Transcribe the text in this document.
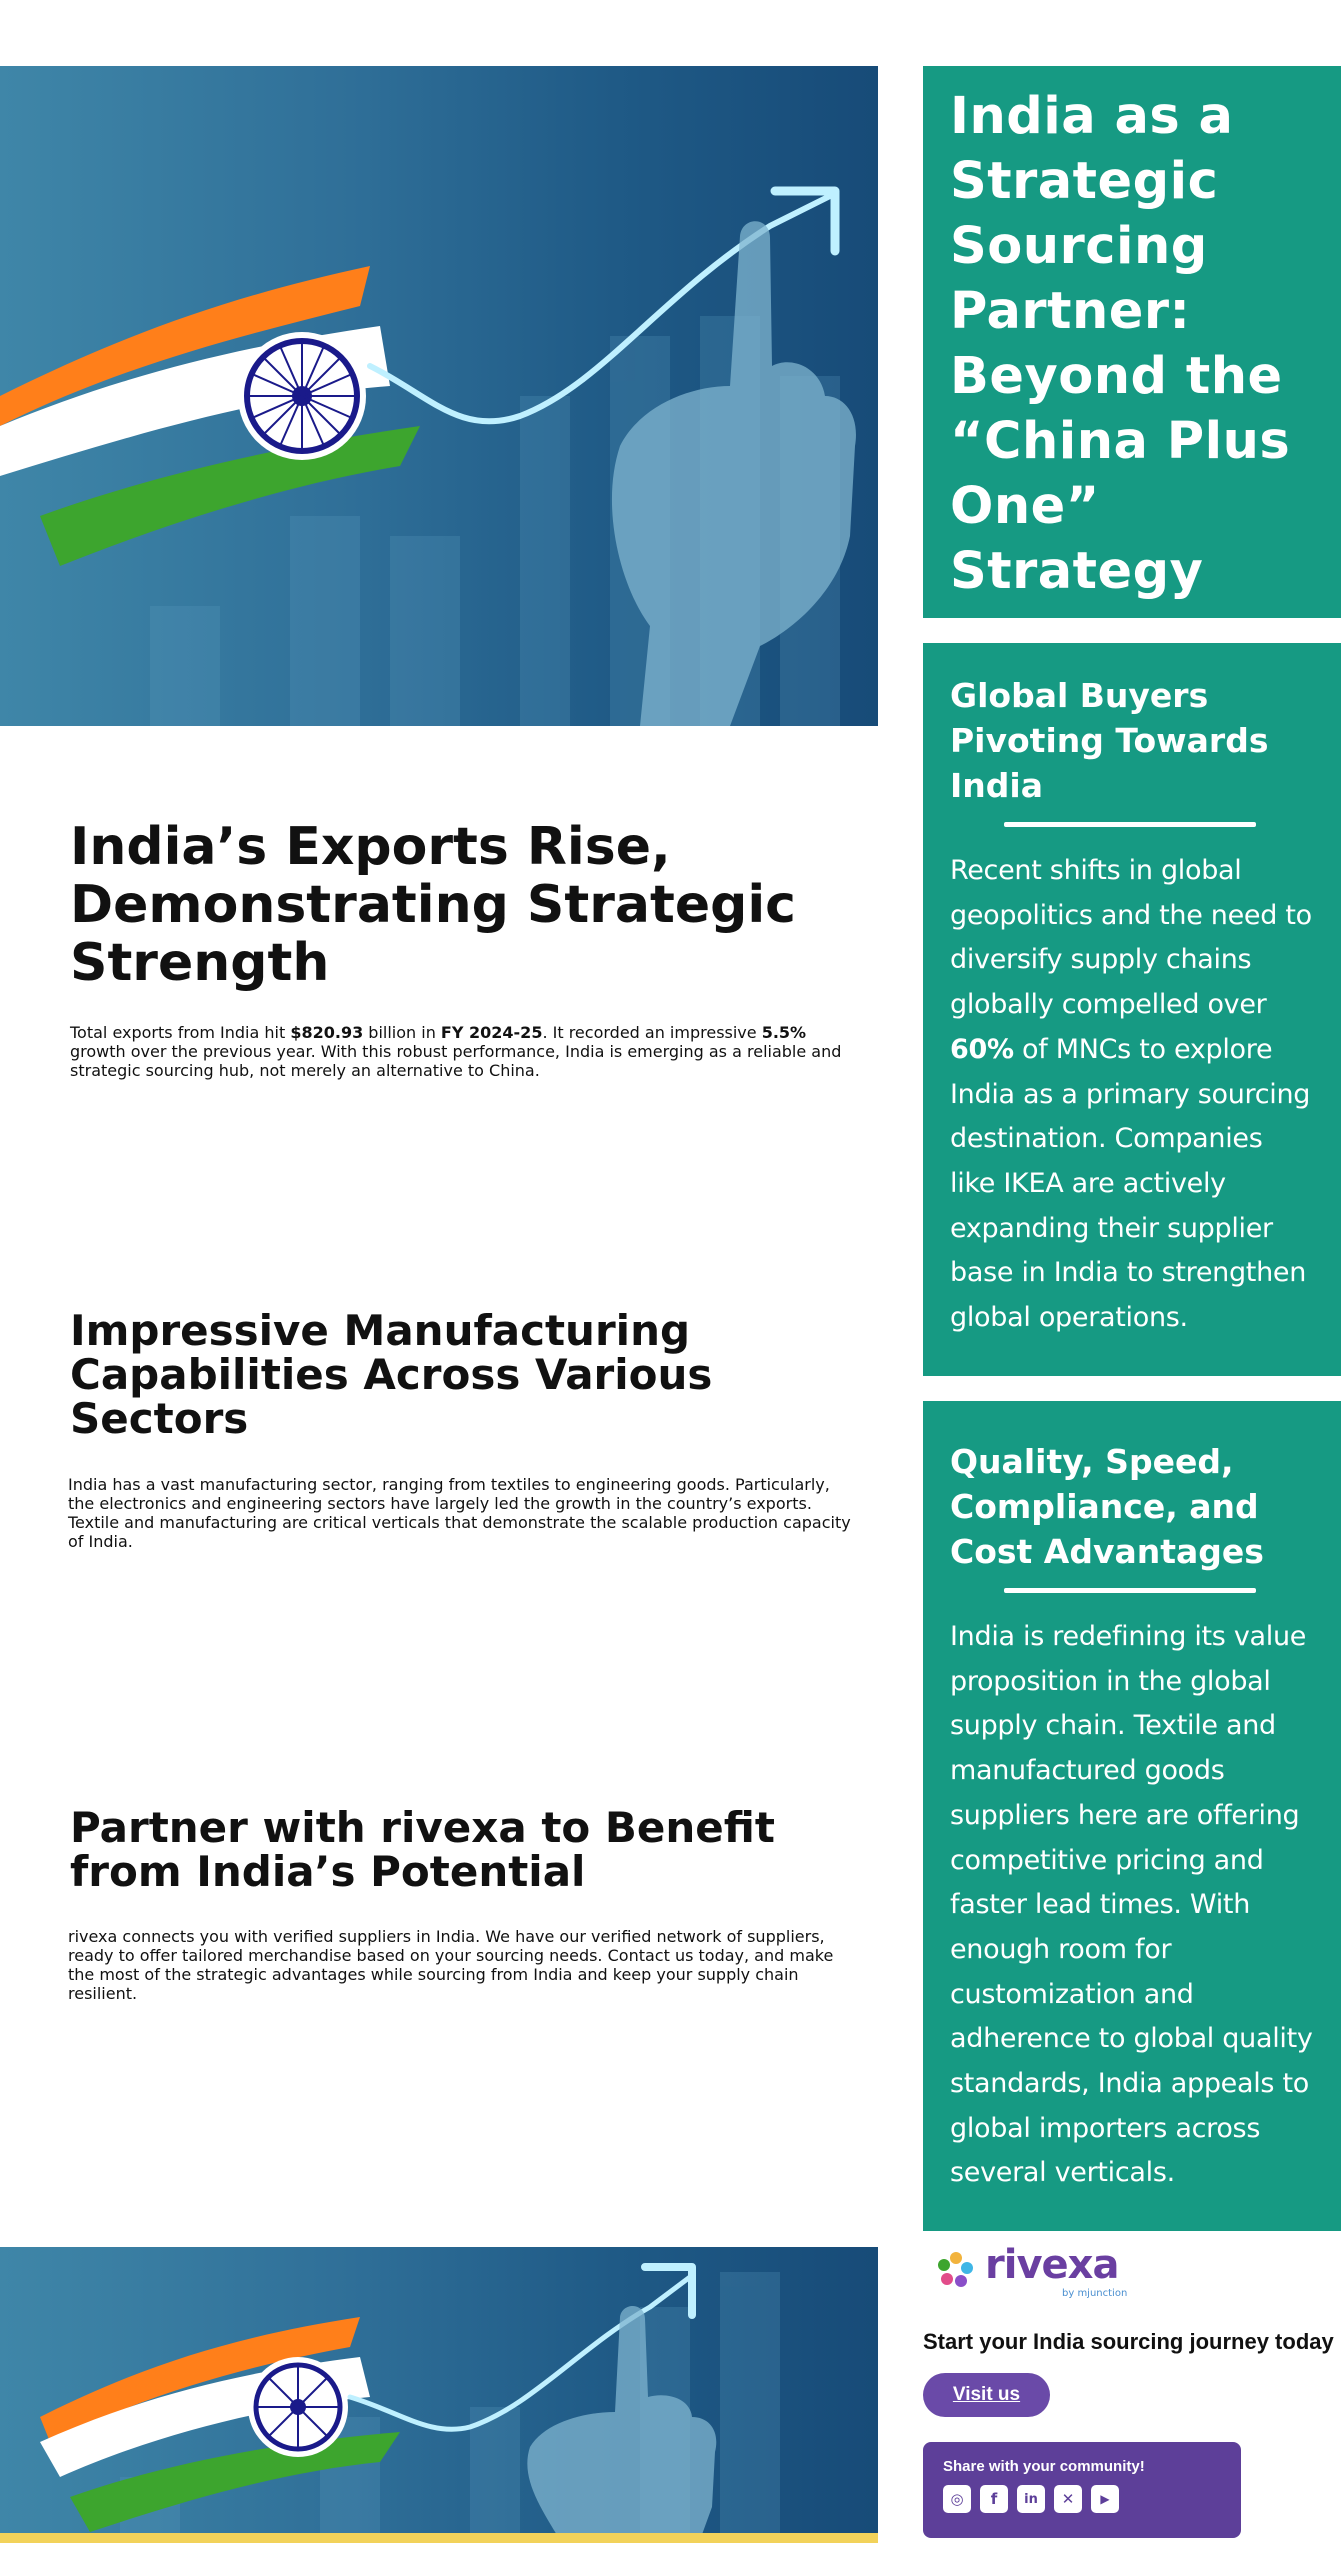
India as a Strategic Sourcing Partner: Beyond the “China Plus One” Strategy
Global Buyers Pivoting Towards India

Recent shifts in global geopolitics and the need to diversify supply chains globally compelled over 60% of MNCs to explore India as a primary sourcing destination. Companies like IKEA are actively expanding their supplier base in India to strengthen global operations.

Quality, Speed, Compliance, and Cost Advantages

India is redefining its value proposition in the global supply chain. Textile and manufactured goods suppliers here are offering competitive pricing and faster lead times. With enough room for customization and adherence to global quality standards, India appeals to global importers across several verticals.

India’s Exports Rise, Demonstrating Strategic Strength

Total exports from India hit $820.93 billion in FY 2024-25. It recorded an impressive 5.5% growth over the previous year. With this robust performance, India is emerging as a reliable and strategic sourcing hub, not merely an alternative to China.

Impressive Manufacturing Capabilities Across Various Sectors

India has a vast manufacturing sector, ranging from textiles to engineering goods. Particularly, the electronics and engineering sectors have largely led the growth in the country’s exports. Textile and manufacturing are critical verticals that demonstrate the scalable production capacity of India.

Partner with rivexa to Benefit from India’s Potential

rivexa connects you with verified suppliers in India. We have our verified network of suppliers, ready to offer tailored merchandise based on your sourcing needs. Contact us today, and make the most of the strategic advantages while sourcing from India and keep your supply chain resilient.

rivexa
by mjunction
Start your India sourcing journey today
Visit us
Share with your community!
◎	f	in	✕	▶
